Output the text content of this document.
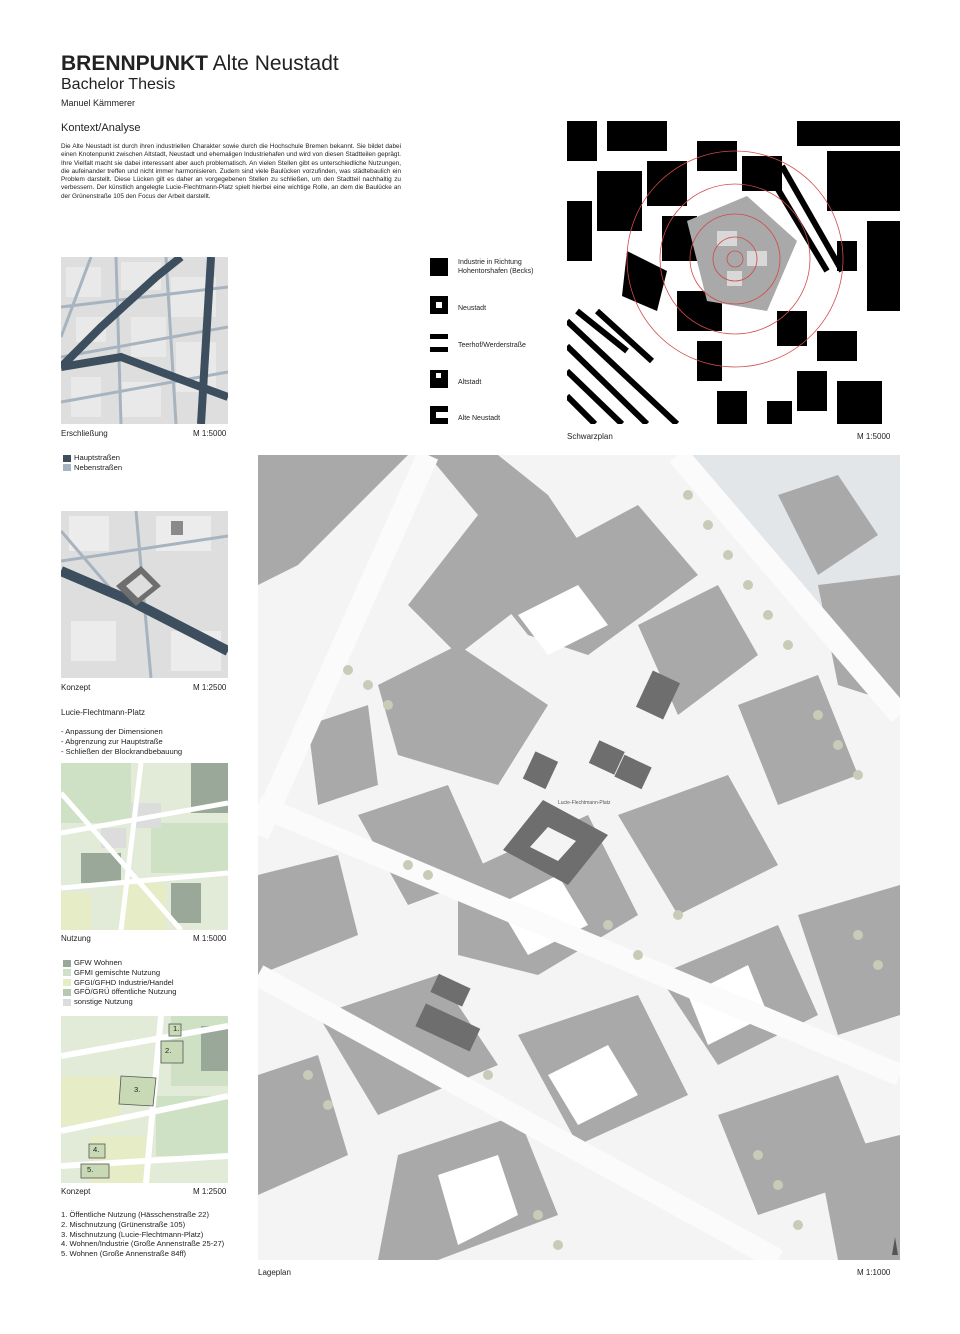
BRENNPUNKT Alte Neustadt
Bachelor Thesis
Manuel Kämmerer
Kontext/Analyse
Die Alte Neustadt ist durch ihren industriellen Charakter sowie durch die Hochschule Bremen bekannt. Sie bildet dabei einen Knotenpunkt zwischen Altstadt, Neustadt und ehemaligen Industriehafen und wird von diesen Stadtteilen geprägt. Ihre Vielfalt macht sie dabei interessant aber auch problematisch. An vielen Stellen gibt es unterschiedliche Nutzungen, die aufeinander treffen und nicht immer harmonisieren. Zudem sind viele Baulücken vorzufinden, was städtebaulich ein Problem darstellt. Diese Lücken gilt es daher an vorgegebenen Stellen zu schließen, um den Stadtteil nachhaltig zu verbessern. Der künstlich angelegte Lucie-Flechtmann-Platz spielt hierbei eine wichtige Rolle, an dem die Baulücke an der Grünenstraße 105 den Focus der Arbeit darstellt.
Erschließung	M 1:5000
Hauptstraßen
Nebenstraßen
Konzept	M 1:2500
Lucie-Flechtmann-Platz
- Anpassung der Dimensionen
- Abgrenzung zur Hauptstraße
- Schließen der Blockrandbebauung
Nutzung	M 1:5000
GFW Wohnen
GFMI gemischte Nutzung
GFGI/GFHD Industrie/Handel
GFÖ/GRÜ öffentliche Nutzung
sonstige Nutzung
1.
2.
3.
4.
5.
Konzept	M 1:2500
1. Öffentliche Nutzung (Hässchenstraße 22)
2. Mischnutzung (Grünenstraße 105)
3. Mischnutzung (Lucie-Flechtmann-Platz)
4. Wohnen/Industrie (Große Annenstraße 25-27)
5. Wohnen (Große Annenstraße 84ff)
Industrie in Richtung
Hohentorshafen (Becks)
Neustadt
Teerhof/Werderstraße
Altstadt
Alte Neustadt
Schwarzplan	M 1:5000
Lucie-Flechtmann-Platz
Lageplan	M 1:1000
